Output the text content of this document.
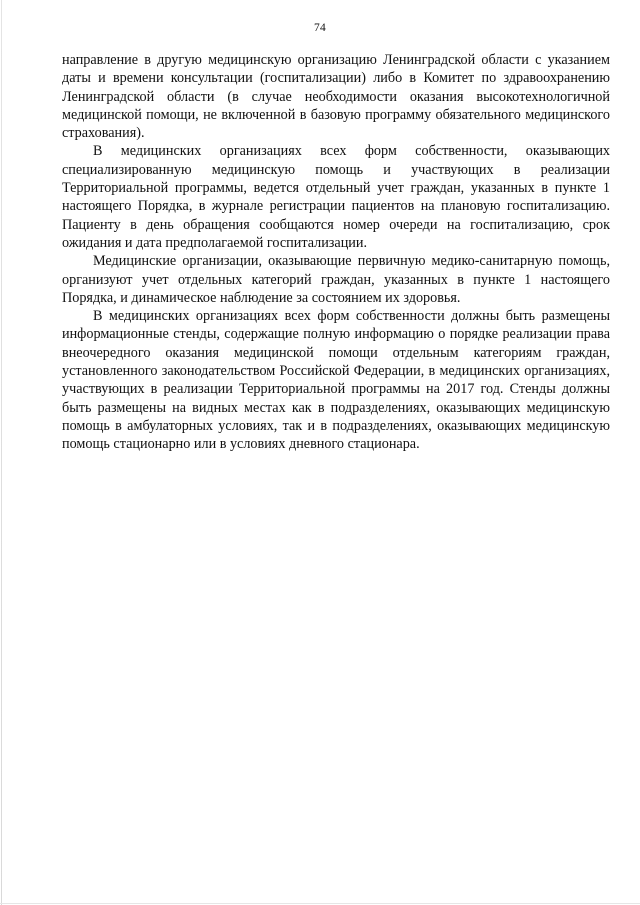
74

направление в другую медицинскую организацию Ленинградской области с указанием даты и времени консультации (госпитализации) либо в Комитет по здравоохранению Ленинградской области (в случае необходимости оказания высокотехнологичной медицинской помощи, не включенной в базовую программу обязательного медицинского страхования).

В медицинских организациях всех форм собственности, оказывающих специализированную медицинскую помощь и участвующих в реализации Территориальной программы, ведется отдельный учет граждан, указанных в пункте 1 настоящего Порядка, в журнале регистрации пациентов на плановую госпитализацию. Пациенту в день обращения сообщаются номер очереди на госпитализацию, срок ожидания и дата предполагаемой госпитализации.

Медицинские организации, оказывающие первичную медико-санитарную помощь, организуют учет отдельных категорий граждан, указанных в пункте 1 настоящего Порядка, и динамическое наблюдение за состоянием их здоровья.

В медицинских организациях всех форм собственности должны быть размещены информационные стенды, содержащие полную информацию о порядке реализации права внеочередного оказания медицинской помощи отдельным категориям граждан, установленного законодательством Российской Федерации, в медицинских организациях, участвующих в реализации Территориальной программы на 2017 год. Стенды должны быть размещены на видных местах как в подразделениях, оказывающих медицинскую помощь в амбулаторных условиях, так и в подразделениях, оказывающих медицинскую помощь стационарно или в условиях дневного стационара.
